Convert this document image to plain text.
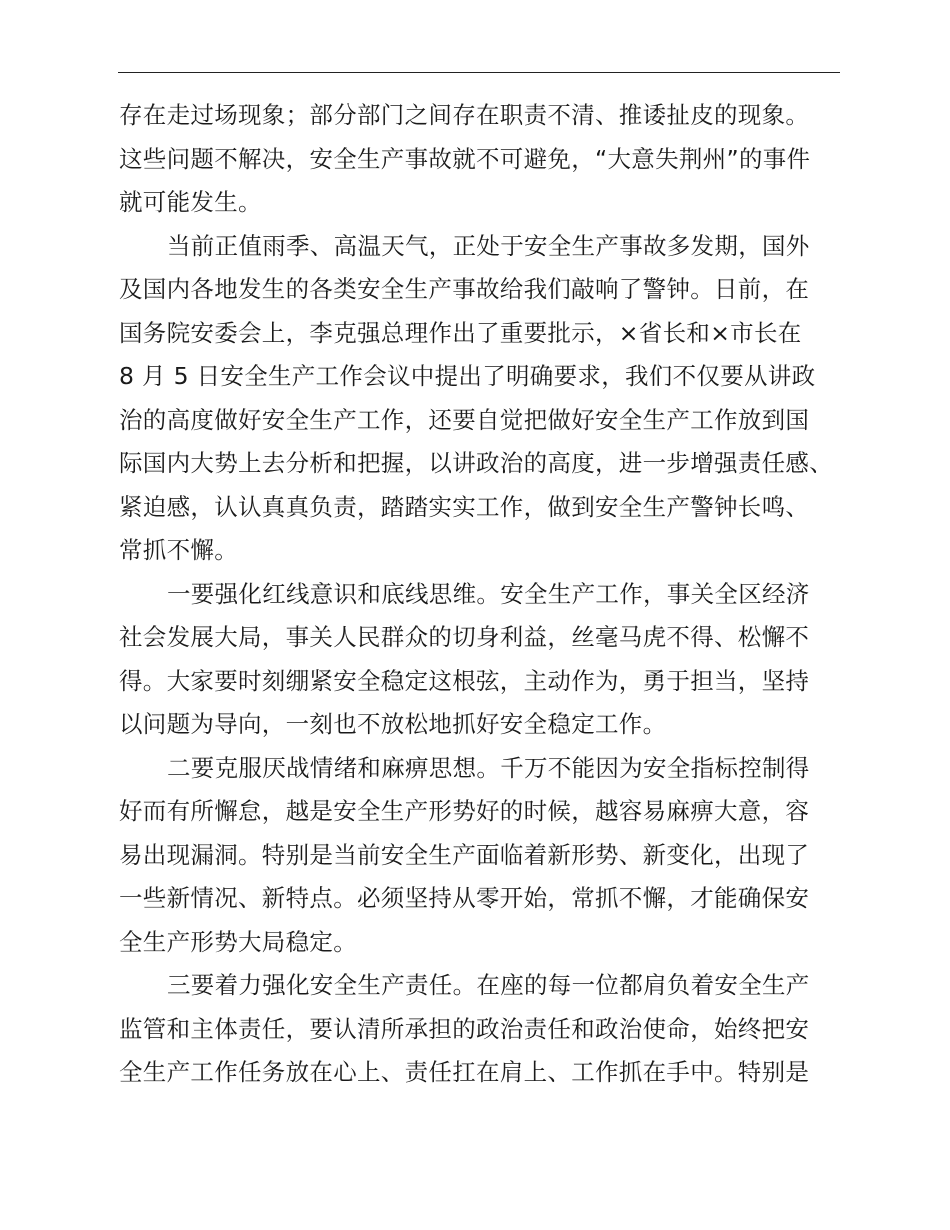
存在走过场现象；部分部门之间存在职责不清、推诿扯皮的现象。
这些问题不解决，安全生产事故就不可避免，“大意失荆州”的事件
就可能发生。
当前正值雨季、高温天气，正处于安全生产事故多发期，国外
及国内各地发生的各类安全生产事故给我们敲响了警钟。日前，在
国务院安委会上，李克强总理作出了重要批示，×省长和×市长在
8 月 5 日安全生产工作会议中提出了明确要求，我们不仅要从讲政
治的高度做好安全生产工作，还要自觉把做好安全生产工作放到国
际国内大势上去分析和把握，以讲政治的高度，进一步增强责任感、
紧迫感，认认真真负责，踏踏实实工作，做到安全生产警钟长鸣、
常抓不懈。
一要强化红线意识和底线思维。安全生产工作，事关全区经济
社会发展大局，事关人民群众的切身利益，丝毫马虎不得、松懈不
得。大家要时刻绷紧安全稳定这根弦，主动作为，勇于担当，坚持
以问题为导向，一刻也不放松地抓好安全稳定工作。
二要克服厌战情绪和麻痹思想。千万不能因为安全指标控制得
好而有所懈怠，越是安全生产形势好的时候，越容易麻痹大意，容
易出现漏洞。特别是当前安全生产面临着新形势、新变化，出现了
一些新情况、新特点。必须坚持从零开始，常抓不懈，才能确保安
全生产形势大局稳定。
三要着力强化安全生产责任。在座的每一位都肩负着安全生产
监管和主体责任，要认清所承担的政治责任和政治使命，始终把安
全生产工作任务放在心上、责任扛在肩上、工作抓在手中。特别是
